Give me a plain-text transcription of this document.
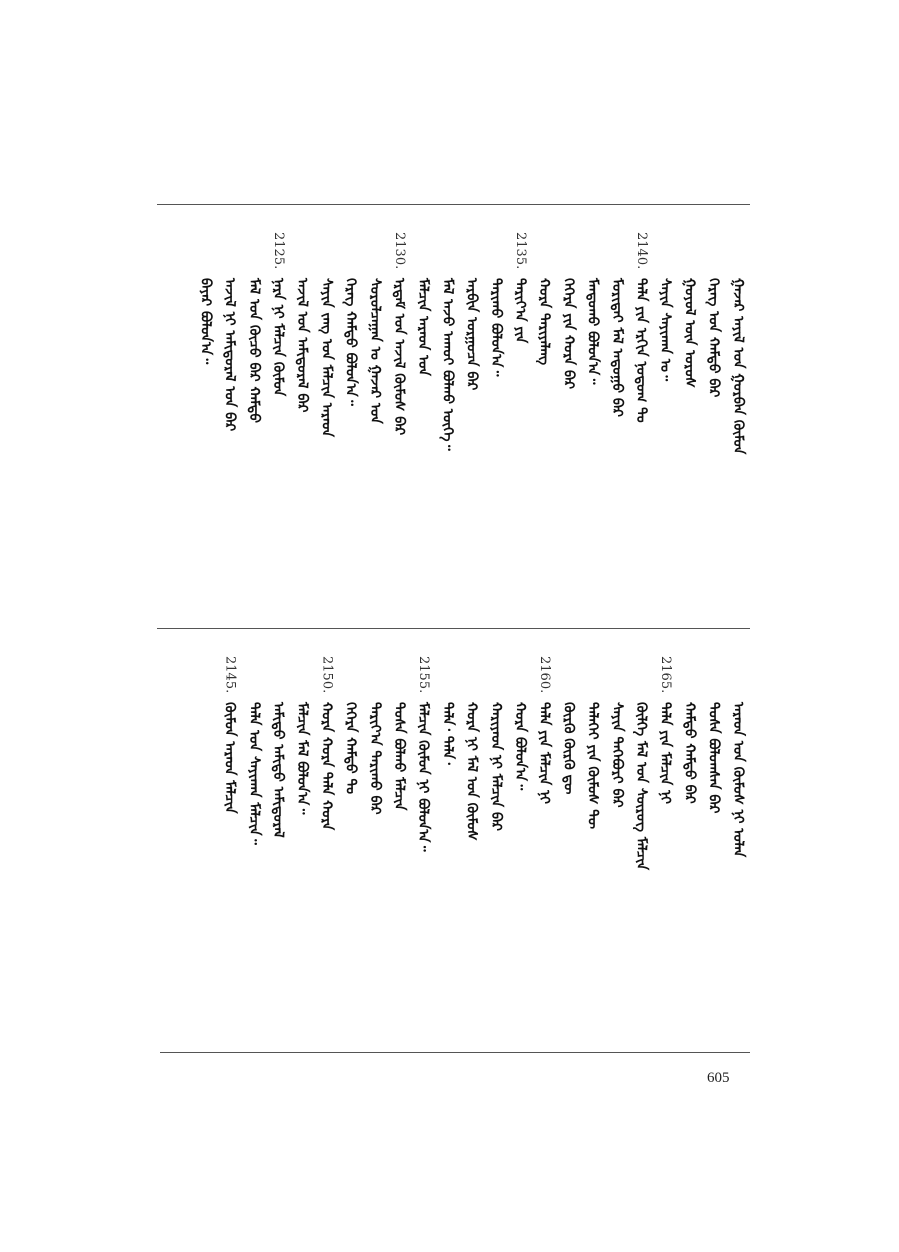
ᠭᠠᠵᠠᠷ ᠠᠶᠢᠯ ᠤᠨ ᠭᠤᠷᠪᠠᠨ ᠬᠦᠮᠦᠨ
ᠬᠡᠷᠡᠭ ᠤᠨ ᠬᠠᠮᠲᠤ ᠪᠡᠷ
ᠭᠤᠶᠤᠯ ᠦᠨ ᠤᠷᠤᠰ
ᠰᠠᠶᠢᠨ ᠰᠠᠶᠢᠬᠠᠨ ᠤ᠃
2140.
ᠲᠠᠯᠠ ᠶᠢᠨ ᠡᠷᠭᠢᠨ ᠨᠤᠲᠤᠭ ᠲᠤ
ᠮᠤᠷᠢᠲᠠᠢ ᠮᠠᠯ ᠠᠳᠤᠭᠤ ᠪᠡᠷ
ᠮᠠᠨᠳᠤᠬᠤ ᠪᠣᠯᠤᠨ᠎ᠠ᠃
ᠬᠡᠭᠡᠷᠡ ᠶᠢᠨ ᠬᠤᠷᠠ ᠪᠡᠷ
ᠬᠤᠷᠠ ᠲᠠᠷᠢᠶᠠᠯᠠᠩ
2135.
ᠲᠠᠷᠢᠶ᠎ᠠ ᠶᠢᠨ
ᠲᠠᠷᠢᠬᠤ ᠪᠣᠯᠤᠨ᠎ᠠ᠃
ᠠᠷᠪᠢᠨ ᠤᠷᠭᠤᠴᠠ ᠪᠡᠷ
ᠮᠠᠯ ᠠᠵᠤ ᠠᠬᠤᠢ ᠪᠣᠯᠬᠤ ᠦᠭᠡ᠃
ᠮᠠᠯᠴᠢᠨ ᠠᠷᠠᠳ ᠤᠨ
2130.
ᠡᠷᠳᠡᠮ ᠤᠨ ᠠᠵᠢᠯ ᠬᠦᠮᠦᠰ ᠪᠡᠷ
ᠰᠤᠷᠤᠯᠴᠠᠭᠠᠨ ᠤ ᠭᠠᠵᠠᠷ ᠤᠨ
ᠬᠡᠷᠡᠭ ᠬᠠᠮᠲᠤ ᠪᠣᠯᠤᠨ᠎ᠠ᠃
ᠰᠠᠶᠢᠨ ᠵᠠᠩ ᠤᠨ ᠮᠠᠯᠴᠢᠨ ᠠᠷᠠᠳ
ᠠᠵᠢᠯ ᠤᠨ ᠠᠮᠢᠳᠤᠷᠠᠯ ᠪᠡᠷ
2125.
ᠨᠠᠷᠠ ᠨᠢ ᠮᠠᠯᠴᠢᠨ ᠬᠦᠮᠦᠨ
ᠮᠠᠯ ᠤᠨ ᠬᠦᠴᠦ ᠪᠡᠷ ᠬᠠᠮᠲᠤ
ᠠᠵᠢᠯ ᠨᠢ ᠠᠮᠢᠳᠤᠷᠠᠯ ᠤᠨ ᠪᠡᠷ
ᠪᠠᠶᠠᠷ ᠪᠣᠯᠤᠨ᠎ᠠ᠃
ᠠᠷᠠᠳ ᠤᠨ ᠬᠦᠮᠦᠰ ᠨᠢ ᠤᠯᠠᠨ
ᠲᠤᠰᠠ ᠪᠣᠯᠤᠭᠰᠠᠨ ᠪᠡᠷ
ᠬᠠᠮᠲᠤ ᠬᠠᠮᠲᠤ ᠪᠠᠷ
2165.
ᠲᠠᠯᠠ ᠶᠢᠨ ᠮᠠᠯᠴᠢᠨ ᠨᠢ
ᠬᠦᠯᠭᠡ ᠮᠠᠯ ᠤᠨ ᠰᠦᠷᠦᠭ ᠮᠠᠯᠴᠢᠨ
ᠰᠠᠶᠢᠨ ᠲᠡᠭᠡᠪᠦᠷᠢ ᠪᠡᠷ
ᠲᠡᠯᠡᠭᠡᠢ ᠶᠢᠨ ᠬᠦᠮᠦᠰ ᠲᠦ
ᠬᠦᠷᠬᠦ ᠬᠦᠷᠬᠦ ᠳᠦ
2160.
ᠲᠠᠯᠠ ᠶᠢᠨ ᠮᠠᠯᠴᠢᠨ ᠨᠢ
ᠬᠤᠷᠠ ᠪᠣᠯᠤᠨ᠎ᠠ᠃
ᠬᠠᠷᠢᠶᠠᠳ ᠨᠢ ᠮᠠᠯᠴᠢᠨ ᠪᠡᠷ
ᠬᠤᠷᠠ ᠨᠢ ᠮᠠᠯ ᠤᠨ ᠬᠦᠮᠦᠰ
ᠲᠠᠯᠠ᠂ ᠲᠠᠯᠠ᠂
2155.
ᠮᠠᠯᠴᠢᠨ ᠬᠦᠮᠦᠨ ᠨᠢ ᠪᠣᠯᠤᠨ᠎ᠠ᠃
ᠲᠤᠰᠠ ᠪᠣᠯᠬᠤ ᠮᠠᠯᠴᠢᠨ
ᠲᠠᠷᠢᠶ᠎ᠠ ᠲᠠᠷᠢᠬᠤ ᠪᠡᠷ
ᠬᠡᠭᠡᠷᠡ ᠬᠠᠮᠲᠤ ᠲᠤ
2150.
ᠬᠤᠷᠠ ᠬᠤᠷᠠ ᠲᠠᠯᠠ ᠬᠤᠷᠠ
ᠮᠠᠯᠴᠢᠨ ᠮᠠᠯ ᠪᠣᠯᠤᠨ᠎ᠠ᠃
ᠠᠮᠢᠳᠤ ᠠᠮᠢᠳᠤ ᠠᠮᠢᠳᠤᠷᠠᠯ
ᠲᠠᠯᠠ ᠤᠨ ᠰᠠᠶᠢᠬᠠᠨ ᠮᠠᠯᠴᠢᠨ᠃
2145.
ᠬᠦᠮᠦᠨ ᠠᠷᠠᠳ ᠮᠠᠯᠴᠢᠨ
605
